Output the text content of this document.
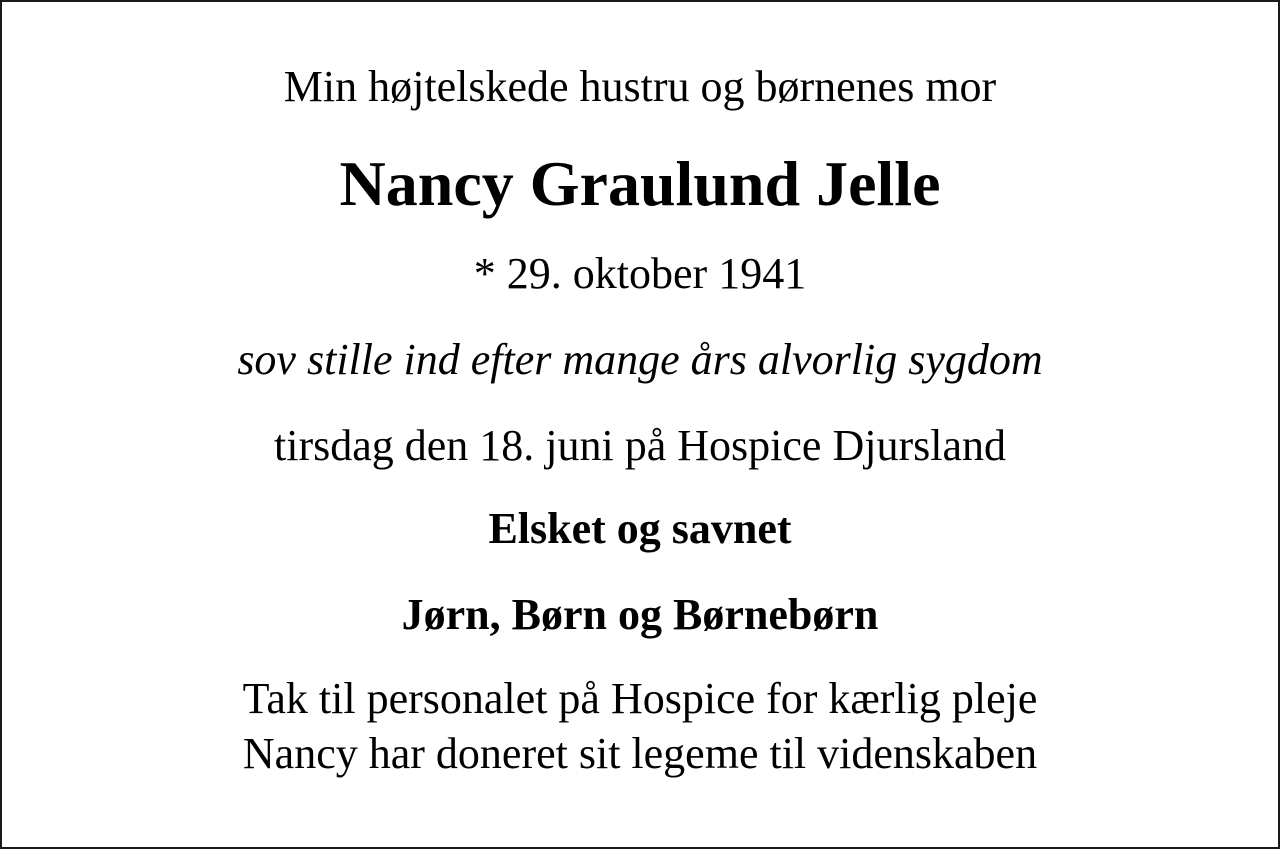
Min højtelskede hustru og børnenes mor
Nancy Graulund Jelle
* 29. oktober 1941
sov stille ind efter mange års alvorlig sygdom
tirsdag den 18. juni på Hospice Djursland
Elsket og savnet
Jørn, Børn og Børnebørn
Tak til personalet på Hospice for kærlig pleje
Nancy har doneret sit legeme til videnskaben
